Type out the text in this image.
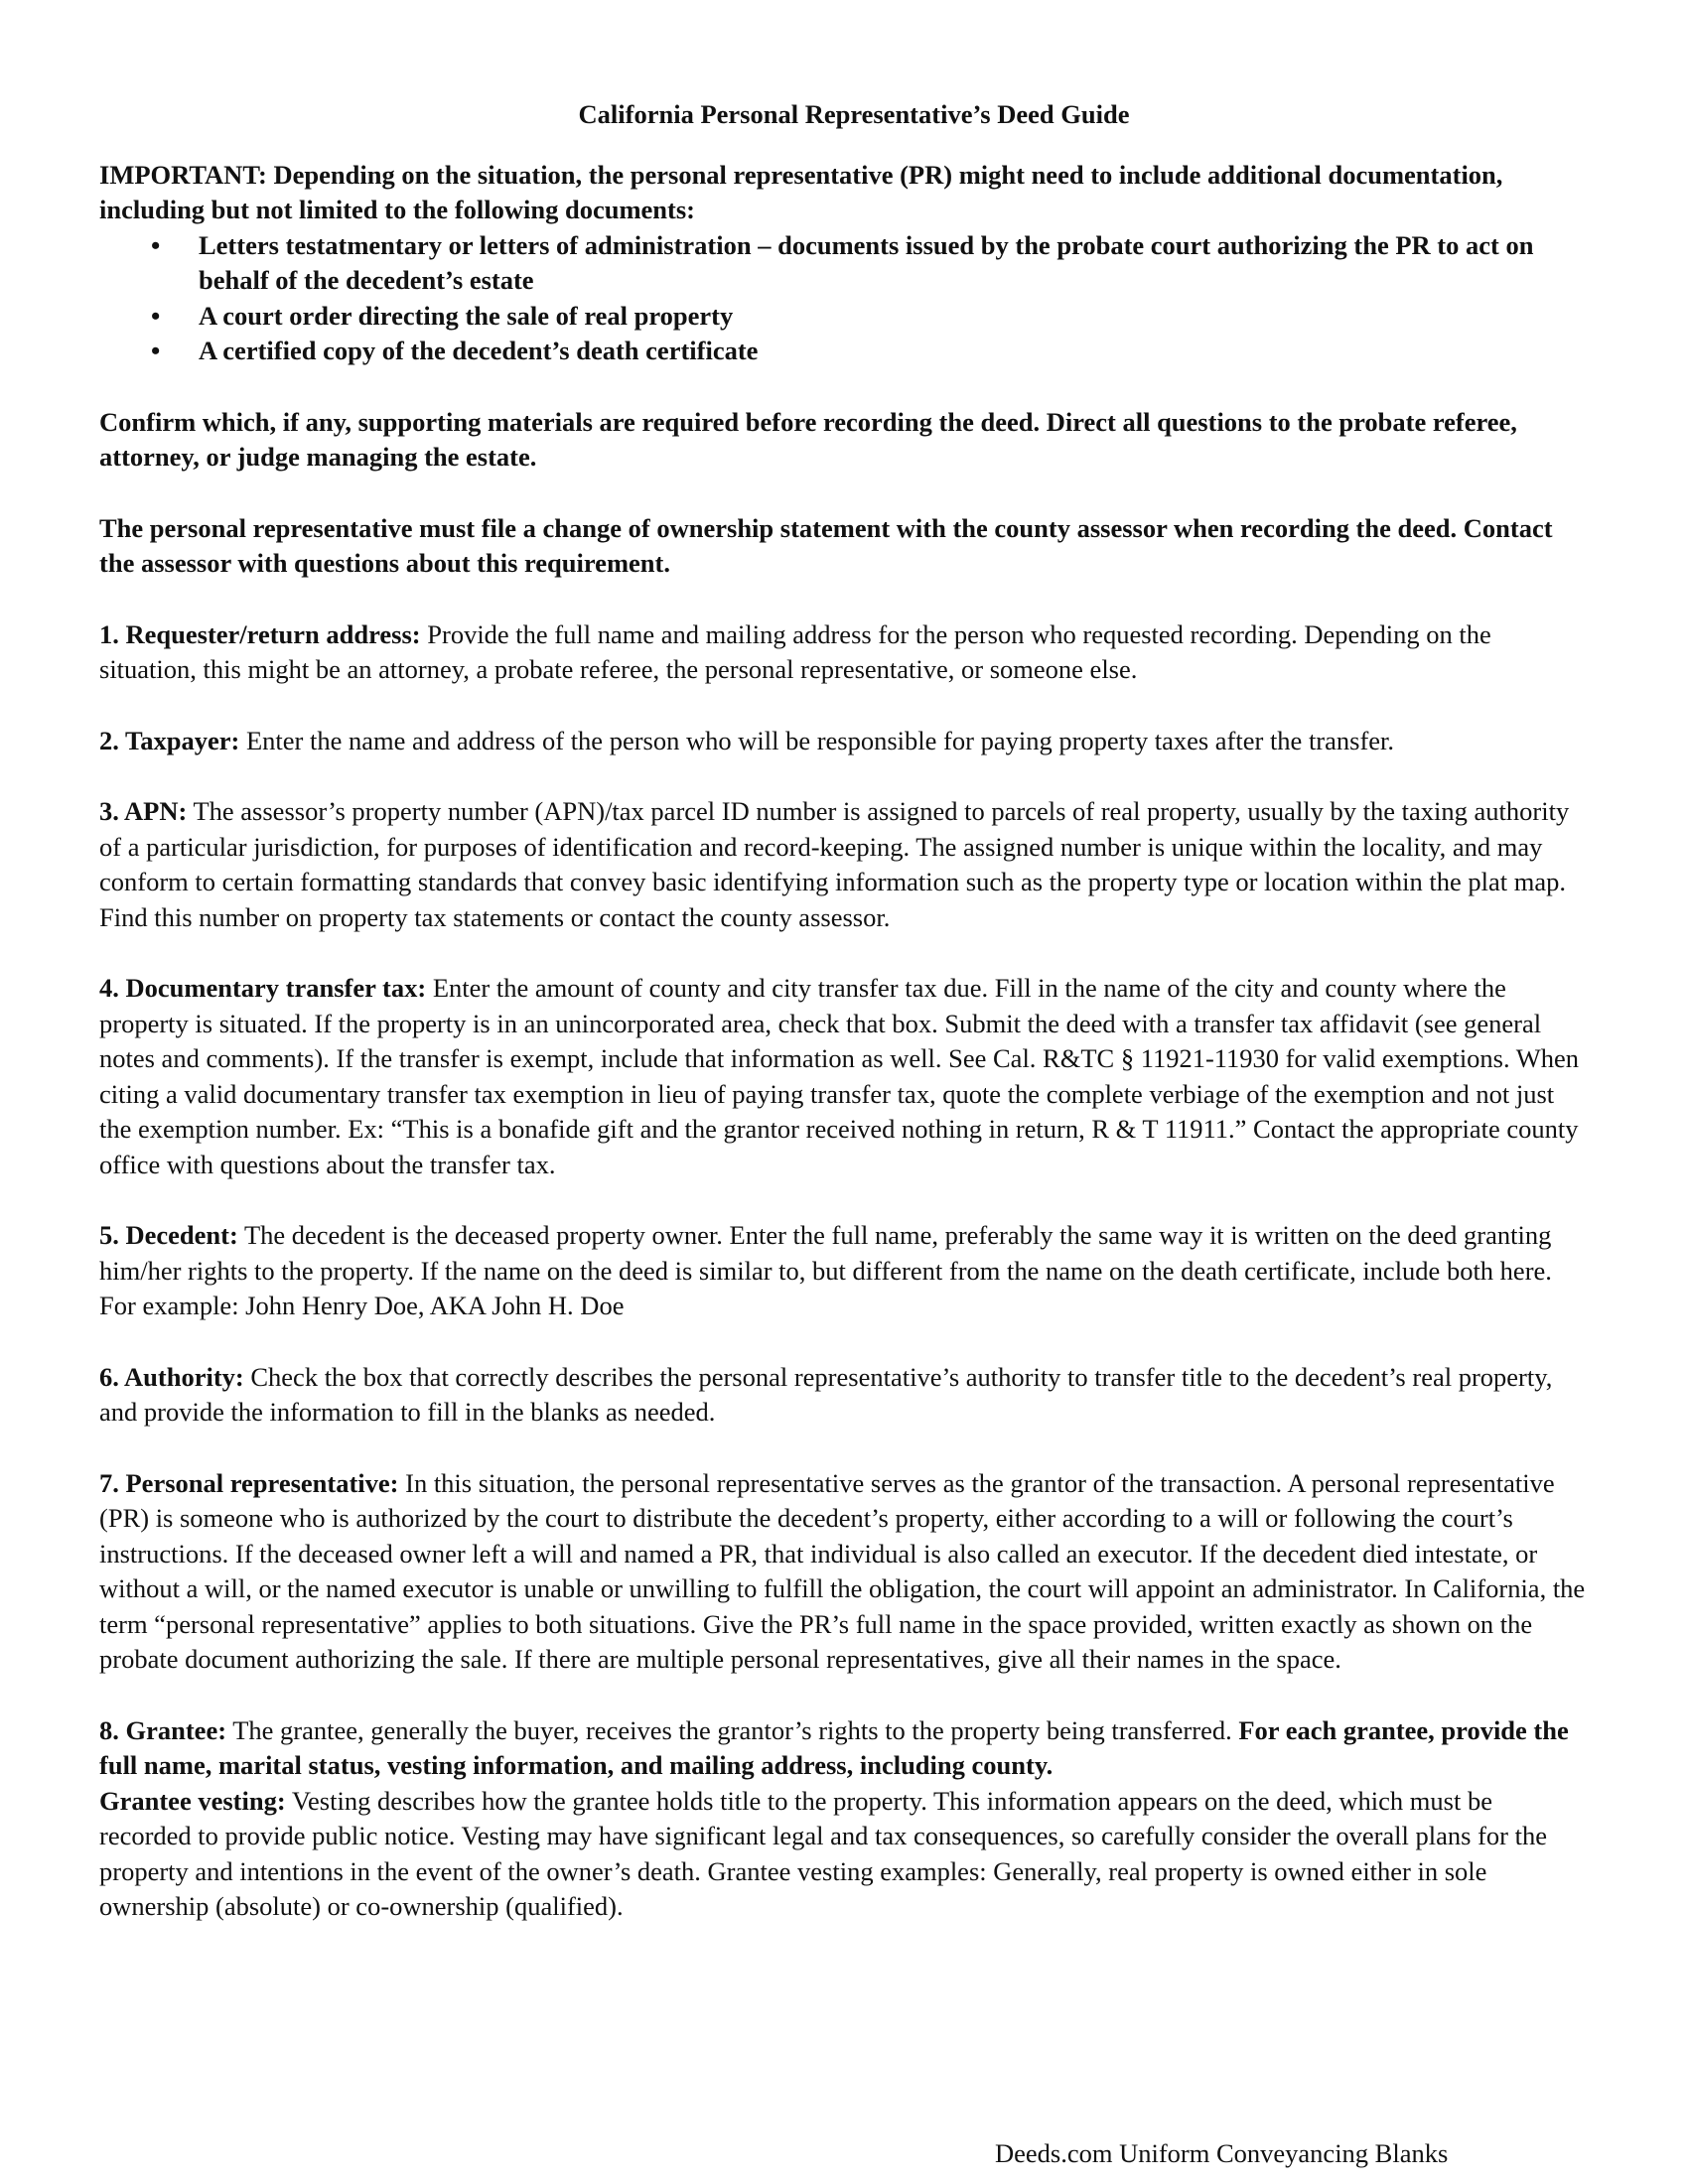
California Personal Representative’s Deed Guide

IMPORTANT: Depending on the situation, the personal representative (PR) might need to include additional documentation, including but not limited to the following documents:

• Letters testatmentary or letters of administration – documents issued by the probate court authorizing the PR to act on behalf of the decedent’s estate
• A court order directing the sale of real property
• A certified copy of the decedent’s death certificate

Confirm which, if any, supporting materials are required before recording the deed. Direct all questions to the probate referee, attorney, or judge managing the estate.

The personal representative must file a change of ownership statement with the county assessor when recording the deed. Contact the assessor with questions about this requirement.

1. Requester/return address: Provide the full name and mailing address for the person who requested recording. Depending on the situation, this might be an attorney, a probate referee, the personal representative, or someone else.

2. Taxpayer: Enter the name and address of the person who will be responsible for paying property taxes after the transfer.

3. APN: The assessor’s property number (APN)/tax parcel ID number is assigned to parcels of real property, usually by the taxing authority of a particular jurisdiction, for purposes of identification and record-keeping. The assigned number is unique within the locality, and may conform to certain formatting standards that convey basic identifying information such as the property type or location within the plat map. Find this number on property tax statements or contact the county assessor.

4. Documentary transfer tax: Enter the amount of county and city transfer tax due. Fill in the name of the city and county where the property is situated. If the property is in an unincorporated area, check that box. Submit the deed with a transfer tax affidavit (see general notes and comments). If the transfer is exempt, include that information as well. See Cal. R&TC § 11921-11930 for valid exemptions. When citing a valid documentary transfer tax exemption in lieu of paying transfer tax, quote the complete verbiage of the exemption and not just the exemption number. Ex: “This is a bonafide gift and the grantor received nothing in return, R & T 11911.” Contact the appropriate county office with questions about the transfer tax.

5. Decedent: The decedent is the deceased property owner. Enter the full name, preferably the same way it is written on the deed granting him/her rights to the property. If the name on the deed is similar to, but different from the name on the death certificate, include both here. For example: John Henry Doe, AKA John H. Doe

6. Authority: Check the box that correctly describes the personal representative’s authority to transfer title to the decedent’s real property, and provide the information to fill in the blanks as needed.

7. Personal representative: In this situation, the personal representative serves as the grantor of the transaction. A personal representative (PR) is someone who is authorized by the court to distribute the decedent’s property, either according to a will or following the court’s instructions. If the deceased owner left a will and named a PR, that individual is also called an executor. If the decedent died intestate, or without a will, or the named executor is unable or unwilling to fulfill the obligation, the court will appoint an administrator. In California, the term “personal representative” applies to both situations. Give the PR’s full name in the space provided, written exactly as shown on the probate document authorizing the sale. If there are multiple personal representatives, give all their names in the space.

8. Grantee: The grantee, generally the buyer, receives the grantor’s rights to the property being transferred. For each grantee, provide the full name, marital status, vesting information, and mailing address, including county.
Grantee vesting: Vesting describes how the grantee holds title to the property. This information appears on the deed, which must be recorded to provide public notice. Vesting may have significant legal and tax consequences, so carefully consider the overall plans for the property and intentions in the event of the owner’s death. Grantee vesting examples: Generally, real property is owned either in sole ownership (absolute) or co-ownership (qualified).

Deeds.com Uniform Conveyancing Blanks
